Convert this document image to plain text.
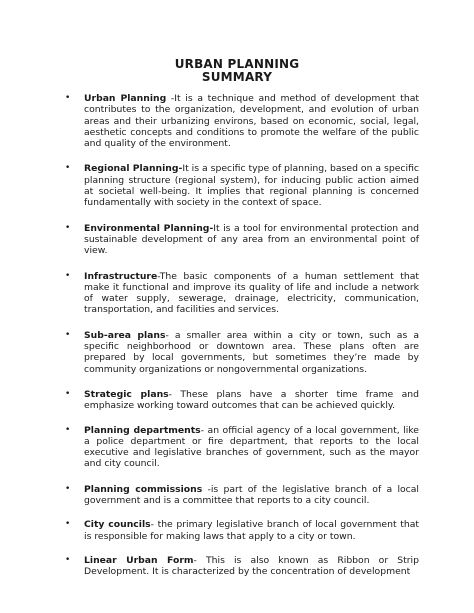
URBAN PLANNING
SUMMARY
• Urban Planning -It is a technique and method of development that contributes to the organization, development, and evolution of urban areas and their urbanizing environs, based on economic, social, legal, aesthetic concepts and conditions to promote the welfare of the public and quality of the environment.
• Regional Planning-It is a specific type of planning, based on a specific planning structure (regional system), for inducing public action aimed at societal well-being. It implies that regional planning is concerned fundamentally with society in the context of space.
• Environmental Planning-It is a tool for environmental protection and sustainable development of any area from an environmental point of view.
• Infrastructure-The basic components of a human settlement that make it functional and improve its quality of life and include a network of water supply, sewerage, drainage, electricity, communication, transportation, and facilities and services.
• Sub-area plans- a smaller area within a city or town, such as a specific neighborhood or downtown area. These plans often are prepared by local governments, but sometimes they’re made by community organizations or nongovernmental organizations.
• Strategic plans- These plans have a shorter time frame and emphasize working toward outcomes that can be achieved quickly.
• Planning departments- an official agency of a local government, like a police department or fire department, that reports to the local executive and legislative branches of government, such as the mayor and city council.
• Planning commissions -is part of the legislative branch of a local government and is a committee that reports to a city council.
• City councils- the primary legislative branch of local government that is responsible for making laws that apply to a city or town.
• Linear Urban Form- This is also known as Ribbon or Strip Development. It is characterized by the concentration of development
